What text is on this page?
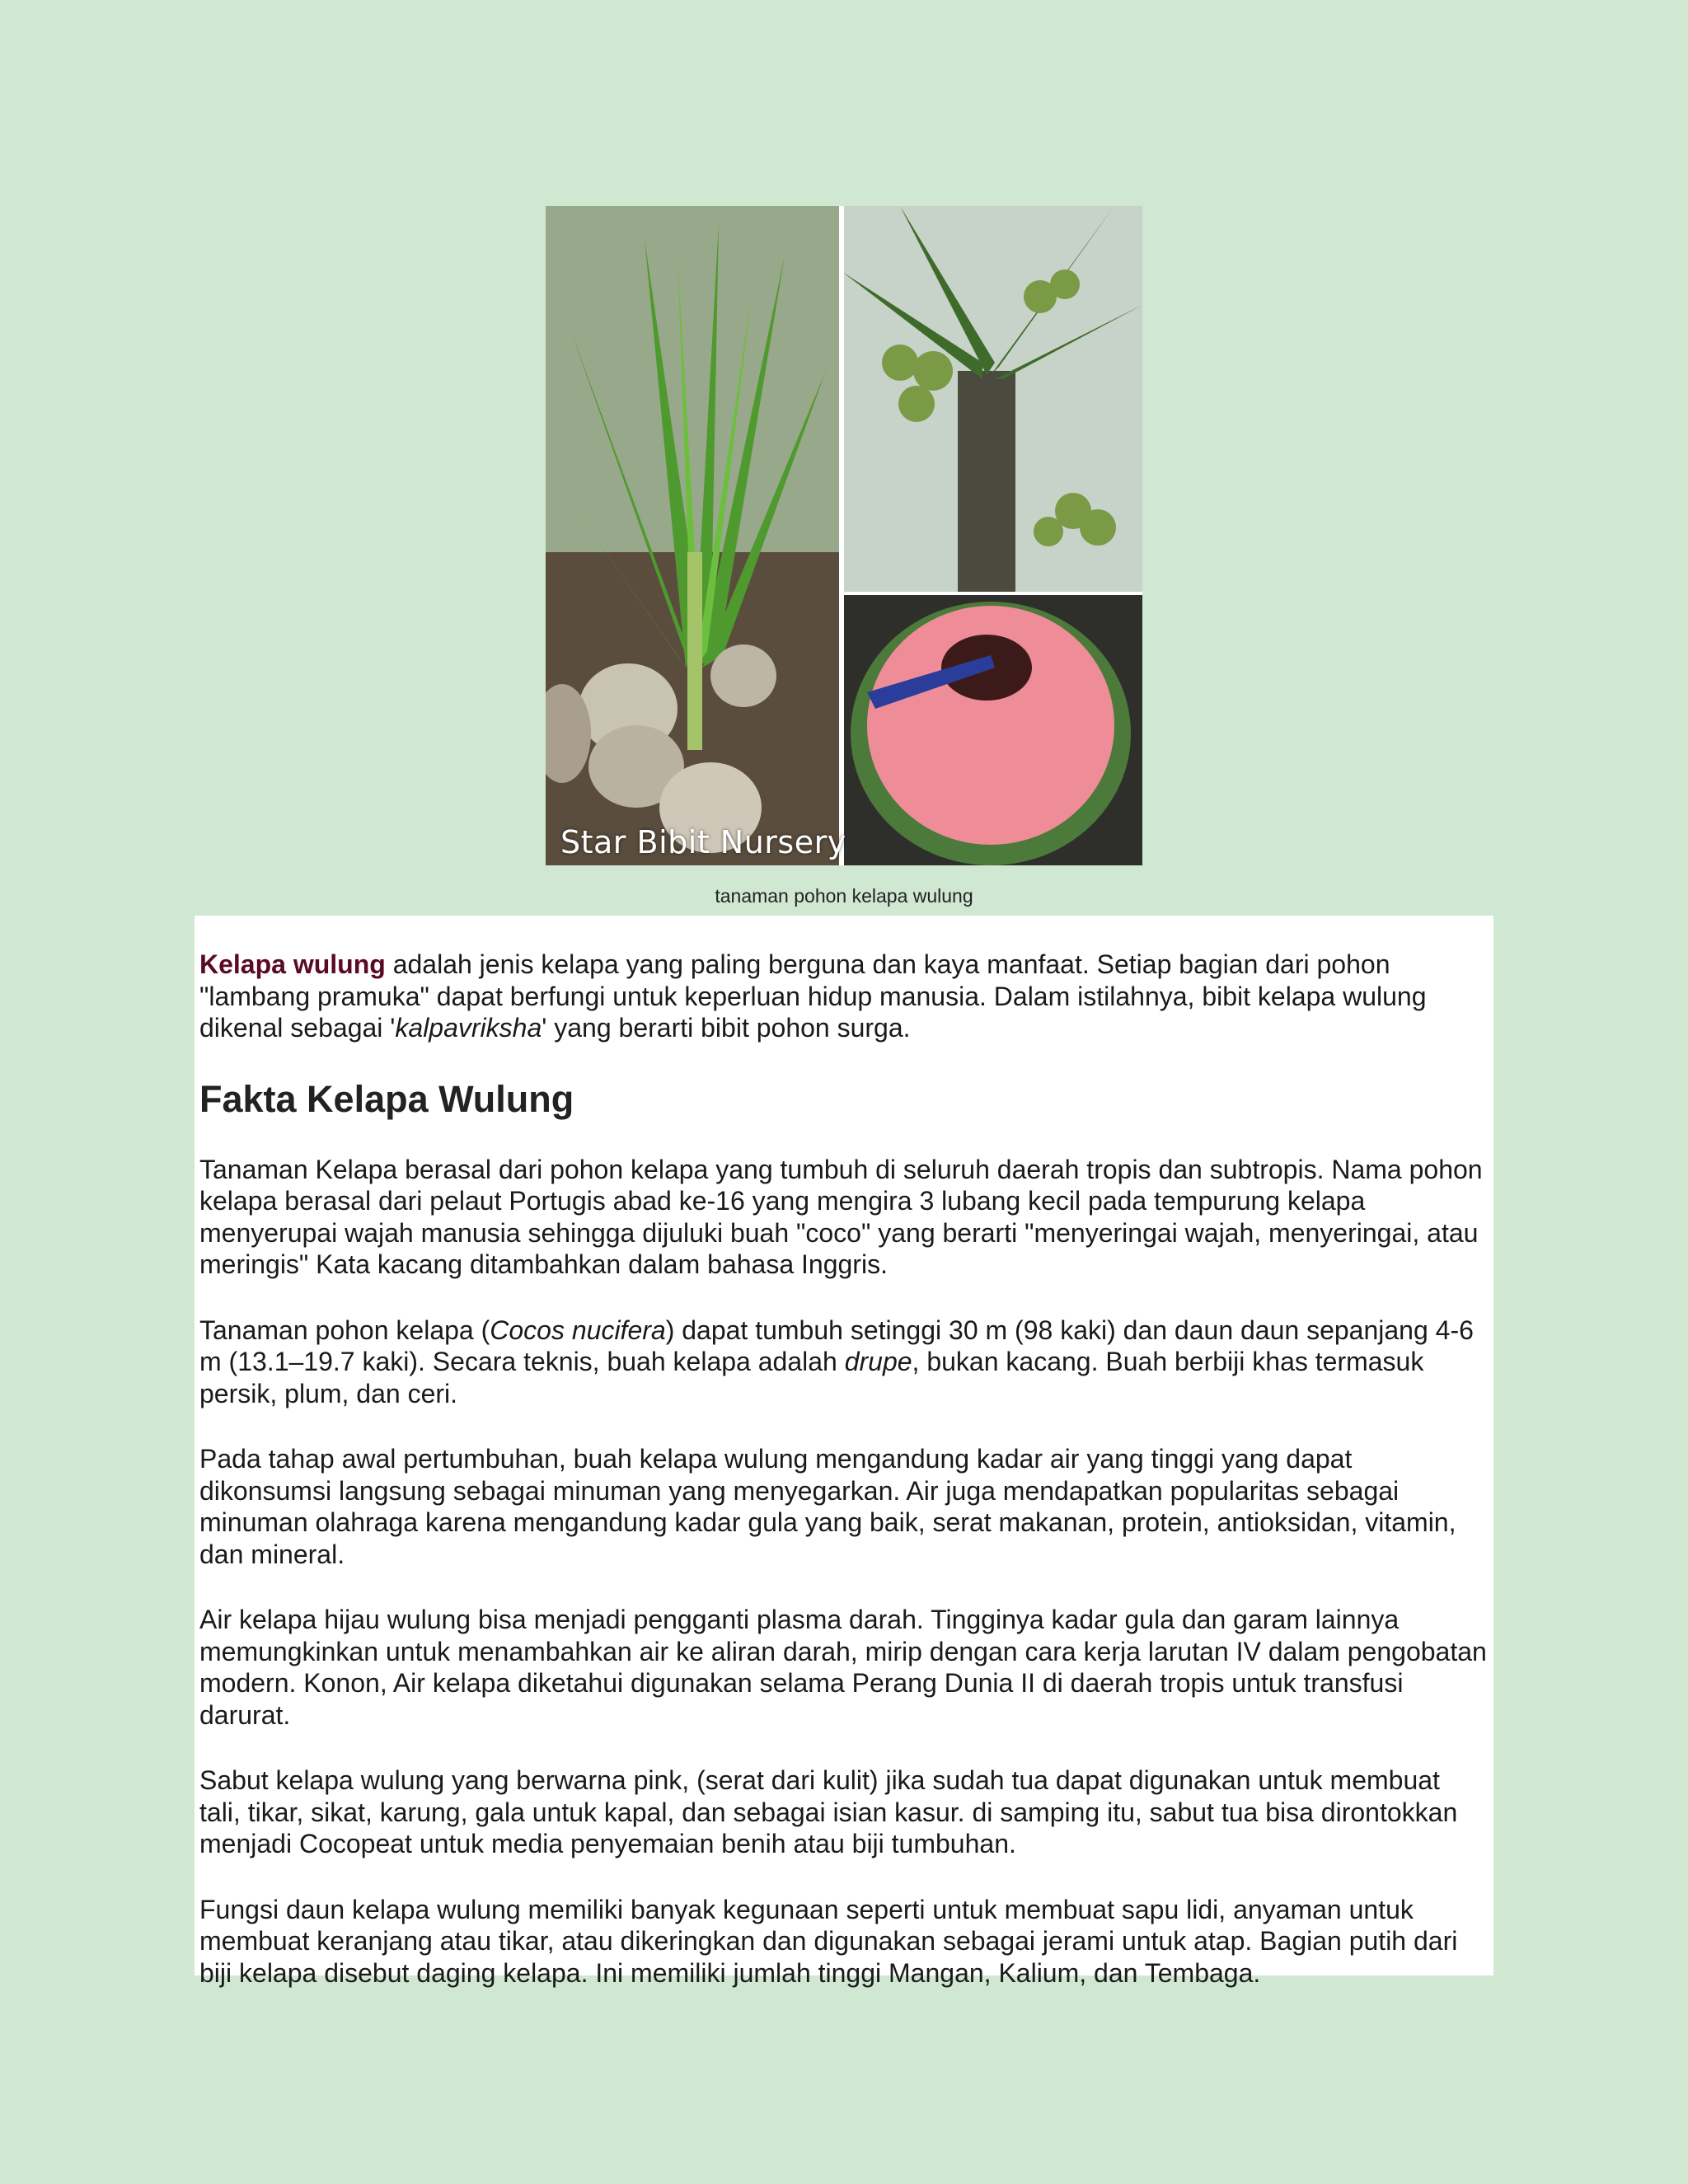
Star Bibit Nursery
tanaman pohon kelapa wulung

Kelapa wulung adalah jenis kelapa yang paling berguna dan kaya manfaat. Setiap bagian dari pohon "lambang pramuka" dapat berfungi untuk keperluan hidup manusia. Dalam istilahnya, bibit kelapa wulung dikenal sebagai 'kalpavriksha' yang berarti bibit pohon surga.

Fakta Kelapa Wulung

Tanaman Kelapa berasal dari pohon kelapa yang tumbuh di seluruh daerah tropis dan subtropis. Nama pohon kelapa berasal dari pelaut Portugis abad ke-16 yang mengira 3 lubang kecil pada tempurung kelapa menyerupai wajah manusia sehingga dijuluki buah "coco" yang berarti "menyeringai wajah, menyeringai, atau meringis" Kata kacang ditambahkan dalam bahasa Inggris.

Tanaman pohon kelapa (Cocos nucifera) dapat tumbuh setinggi 30 m (98 kaki) dan daun daun sepanjang 4-6 m (13.1–19.7 kaki). Secara teknis, buah kelapa adalah drupe, bukan kacang. Buah berbiji khas termasuk persik, plum, dan ceri.

Pada tahap awal pertumbuhan, buah kelapa wulung mengandung kadar air yang tinggi yang dapat dikonsumsi langsung sebagai minuman yang menyegarkan. Air juga mendapatkan popularitas sebagai minuman olahraga karena mengandung kadar gula yang baik, serat makanan, protein, antioksidan, vitamin, dan mineral.

Air kelapa hijau wulung bisa menjadi pengganti plasma darah. Tingginya kadar gula dan garam lainnya memungkinkan untuk menambahkan air ke aliran darah, mirip dengan cara kerja larutan IV dalam pengobatan modern. Konon, Air kelapa diketahui digunakan selama Perang Dunia II di daerah tropis untuk transfusi darurat.

Sabut kelapa wulung yang berwarna pink, (serat dari kulit) jika sudah tua dapat digunakan untuk membuat tali, tikar, sikat, karung, gala untuk kapal, dan sebagai isian kasur. di samping itu, sabut tua bisa dirontokkan menjadi Cocopeat untuk media penyemaian benih atau biji tumbuhan.

Fungsi daun kelapa wulung memiliki banyak kegunaan seperti untuk membuat sapu lidi, anyaman untuk membuat keranjang atau tikar, atau dikeringkan dan digunakan sebagai jerami untuk atap. Bagian putih dari biji kelapa disebut daging kelapa. Ini memiliki jumlah tinggi Mangan, Kalium, dan Tembaga.
